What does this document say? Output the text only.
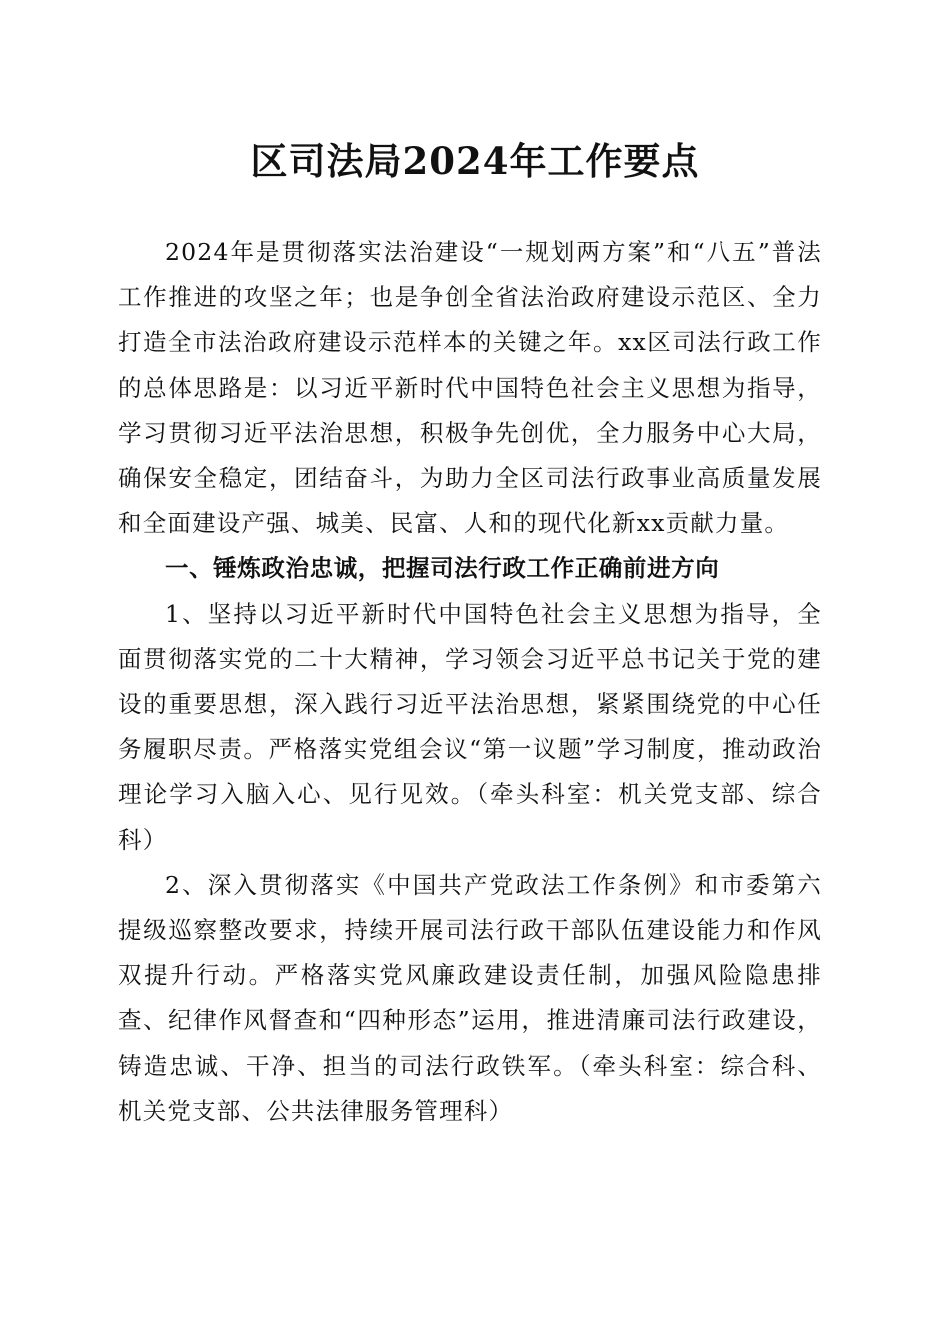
区司法局2024年工作要点

2024年是贯彻落实法治建设“一规划两方案”和“八五”普法工作推进的攻坚之年；也是争创全省法治政府建设示范区、全力打造全市法治政府建设示范样本的关键之年。xx区司法行政工作的总体思路是：以习近平新时代中国特色社会主义思想为指导，学习贯彻习近平法治思想，积极争先创优，全力服务中心大局，确保安全稳定，团结奋斗，为助力全区司法行政事业高质量发展和全面建设产强、城美、民富、人和的现代化新xx贡献力量。

一、锤炼政治忠诚，把握司法行政工作正确前进方向

1、坚持以习近平新时代中国特色社会主义思想为指导，全面贯彻落实党的二十大精神，学习领会习近平总书记关于党的建设的重要思想，深入践行习近平法治思想，紧紧围绕党的中心任务履职尽责。严格落实党组会议“第一议题”学习制度，推动政治理论学习入脑入心、见行见效。（牵头科室：机关党支部、综合科）

2、深入贯彻落实《中国共产党政法工作条例》和市委第六提级巡察整改要求，持续开展司法行政干部队伍建设能力和作风双提升行动。严格落实党风廉政建设责任制，加强风险隐患排查、纪律作风督查和“四种形态”运用，推进清廉司法行政建设，铸造忠诚、干净、担当的司法行政铁军。（牵头科室：综合科、机关党支部、公共法律服务管理科）
